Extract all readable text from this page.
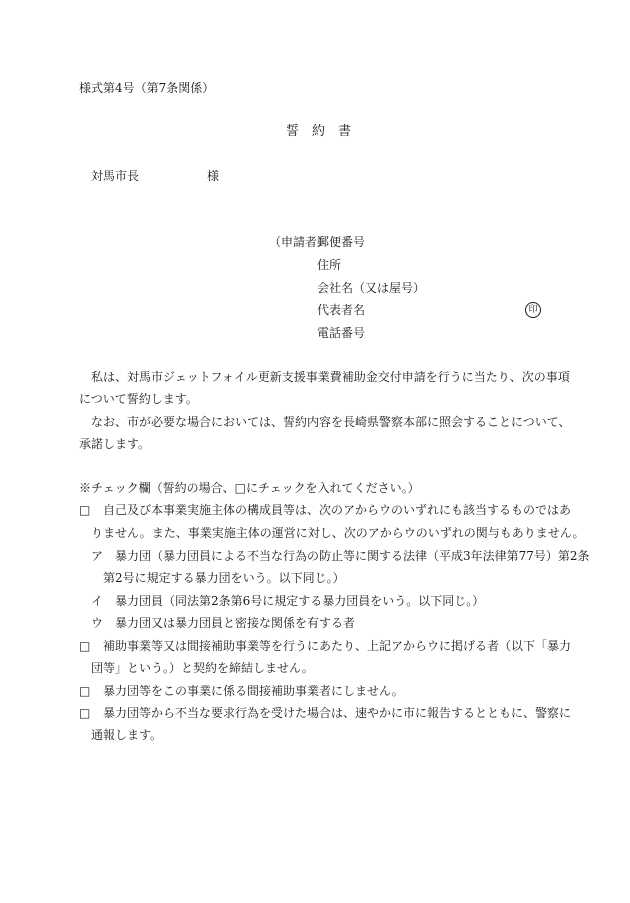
様式第4号（第7条関係）
誓　約　書
対馬市長	様
（申請者）
郵便番号
住所
会社名（又は屋号）
代表者名	印
電話番号
　私は、対馬市ジェットフォイル更新支援事業費補助金交付申請を行うに当たり、次の事項
について誓約します。
　なお、市が必要な場合においては、誓約内容を長崎県警察本部に照会することについて、
承諾します。
※チェック欄（誓約の場合、□にチェックを入れてください。）
□ 自己及び本事業実施主体の構成員等は、次のアからウのいずれにも該当するものではあ
りません。また、事業実施主体の運営に対し、次のアからウのいずれの関与もありません。
ア 暴力団（暴力団員による不当な行為の防止等に関する法律（平成3年法律第77号）第2条
第2号に規定する暴力団をいう。以下同じ。）
イ 暴力団員（同法第2条第6号に規定する暴力団員をいう。以下同じ。）
ウ 暴力団又は暴力団員と密接な関係を有する者
□ 補助事業等又は間接補助事業等を行うにあたり、上記アからウに掲げる者（以下「暴力
団等」という。）と契約を締結しません。
□ 暴力団等をこの事業に係る間接補助事業者にしません。
□ 暴力団等から不当な要求行為を受けた場合は、速やかに市に報告するとともに、警察に
通報します。
